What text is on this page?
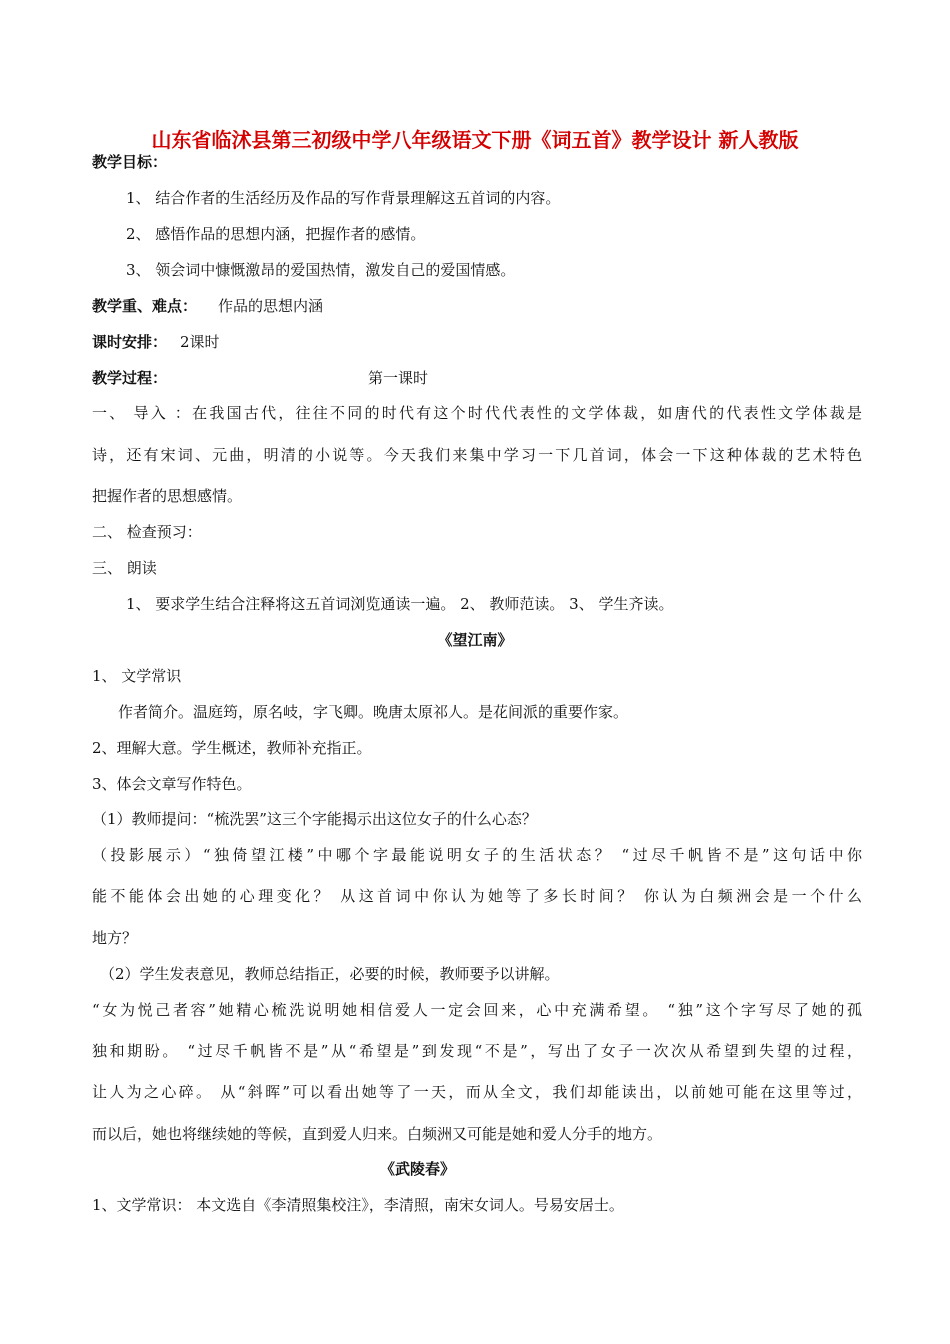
山东省临沭县第三初级中学八年级语文下册《词五首》教学设计 新人教版
教学目标：
1、 结合作者的生活经历及作品的写作背景理解这五首词的内容。
2、 感悟作品的思想内涵，把握作者的感情。
3、 领会词中慷慨激昂的爱国热情，激发自己的爱国情感。
教学重、难点： 作品的思想内涵
课时安排： 2课时
教学过程：	第一课时
一、 导入 ：在我国古代，往往不同的时代有这个时代代表性的文学体裁，如唐代的代表性文学体裁是
诗，还有宋词、元曲，明清的小说等。今天我们来集中学习一下几首词，体会一下这种体裁的艺术特色
把握作者的思想感情。
二、 检查预习：
三、 朗读
1、 要求学生结合注释将这五首词浏览通读一遍。 2、 教师范读。 3、 学生齐读。
《望江南》
1、 文学常识
作者简介。温庭筠，原名岐，字飞卿。晚唐太原祁人。是花间派的重要作家。
2、理解大意。学生概述，教师补充指正。
3、体会文章写作特色。
（1）教师提问：“梳洗罢”这三个字能揭示出这位女子的什么心态？
（投影展示）“独倚望江楼”中哪个字最能说明女子的生活状态？ “过尽千帆皆不是”这句话中你
能不能体会出她的心理变化？ 从这首词中你认为她等了多长时间？ 你认为白频洲会是一个什么
地方？
（2）学生发表意见，教师总结指正，必要的时候，教师要予以讲解。
“女为悦己者容”她精心梳洗说明她相信爱人一定会回来，心中充满希望。 “独”这个字写尽了她的孤
独和期盼。 “过尽千帆皆不是”从“希望是”到发现“不是”，写出了女子一次次从希望到失望的过程，
让人为之心碎。 从“斜晖”可以看出她等了一天，而从全文，我们却能读出，以前她可能在这里等过，
而以后，她也将继续她的等候，直到爱人归来。白频洲又可能是她和爱人分手的地方。
《武陵春》
1、文学常识： 本文选自《李清照集校注》，李清照，南宋女词人。号易安居士。
